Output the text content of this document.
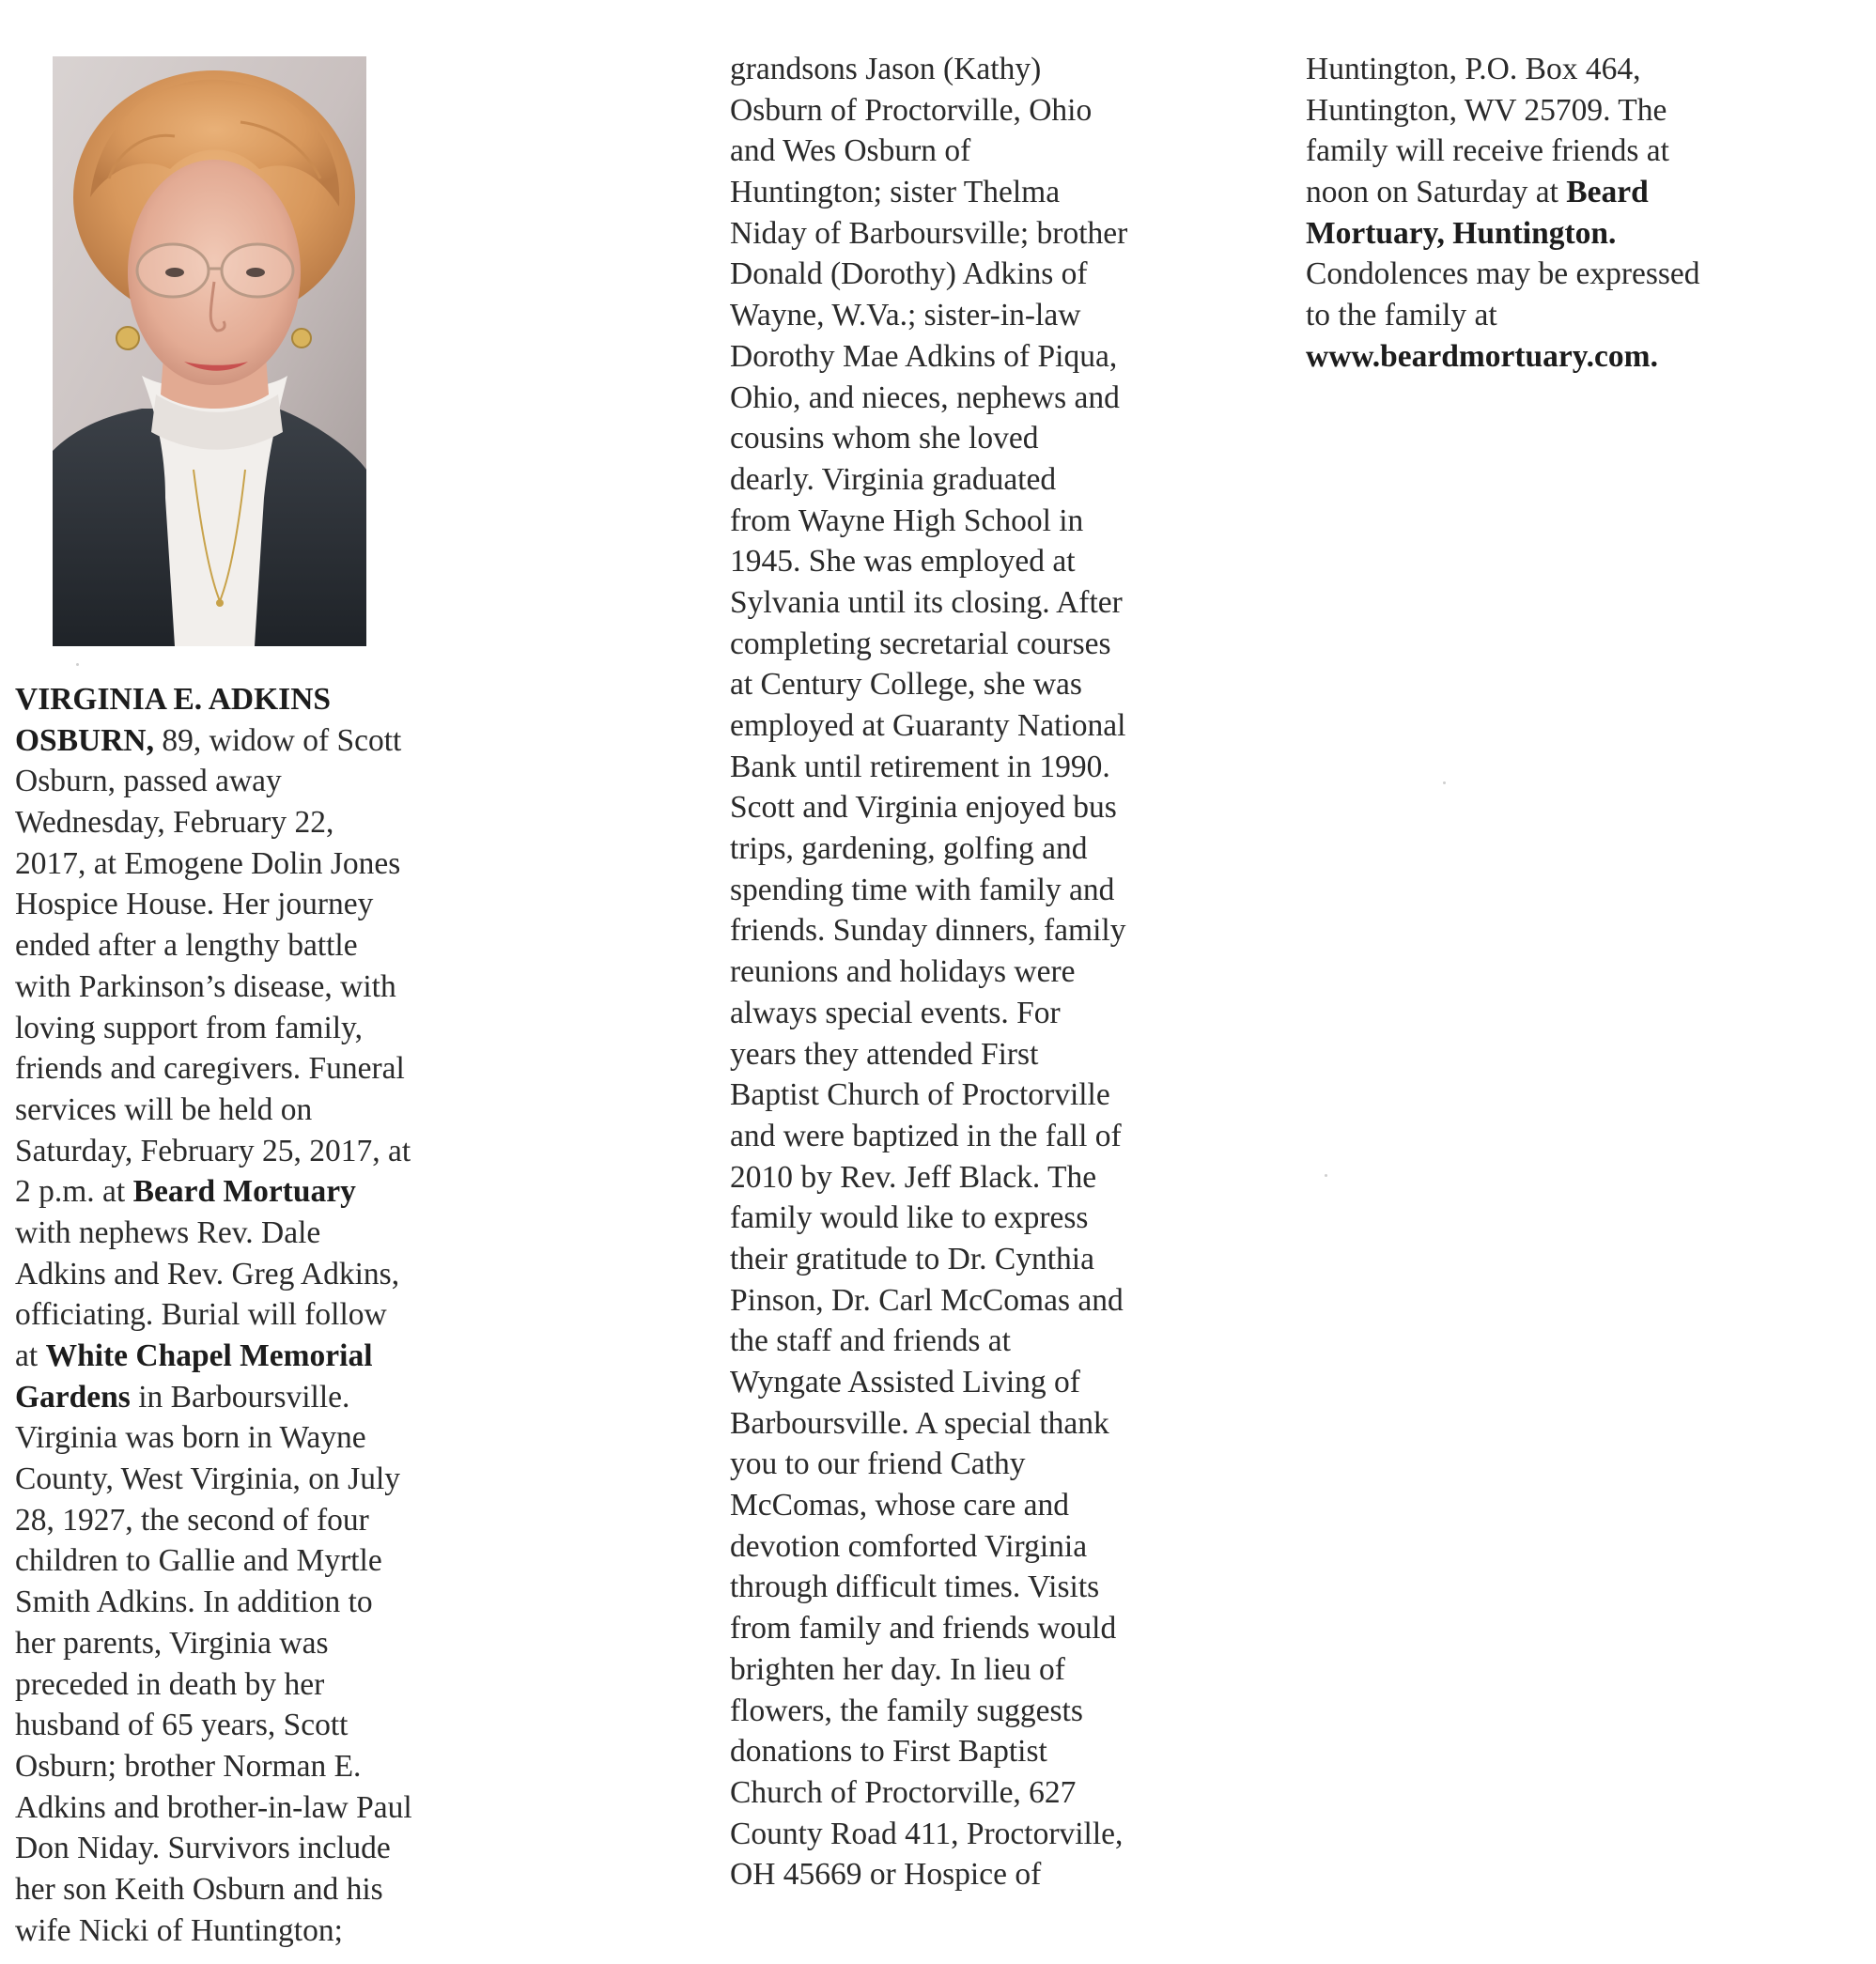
VIRGINIA E. ADKINS
OSBURN, 89, widow of Scott
Osburn, passed away
Wednesday, February 22,
2017, at Emogene Dolin Jones
Hospice House. Her journey
ended after a lengthy battle
with Parkinson’s disease, with
loving support from family,
friends and caregivers. Funeral
services will be held on
Saturday, February 25, 2017, at
2 p.m. at Beard Mortuary
with nephews Rev. Dale
Adkins and Rev. Greg Adkins,
officiating. Burial will follow
at White Chapel Memorial
Gardens in Barboursville.
Virginia was born in Wayne
County, West Virginia, on July
28, 1927, the second of four
children to Gallie and Myrtle
Smith Adkins. In addition to
her parents, Virginia was
preceded in death by her
husband of 65 years, Scott
Osburn; brother Norman E.
Adkins and brother-in-law Paul
Don Niday. Survivors include
her son Keith Osburn and his
wife Nicki of Huntington;
grandsons Jason (Kathy)
Osburn of Proctorville, Ohio
and Wes Osburn of
Huntington; sister Thelma
Niday of Barboursville; brother
Donald (Dorothy) Adkins of
Wayne, W.Va.; sister-in-law
Dorothy Mae Adkins of Piqua,
Ohio, and nieces, nephews and
cousins whom she loved
dearly. Virginia graduated
from Wayne High School in
1945. She was employed at
Sylvania until its closing. After
completing secretarial courses
at Century College, she was
employed at Guaranty National
Bank until retirement in 1990.
Scott and Virginia enjoyed bus
trips, gardening, golfing and
spending time with family and
friends. Sunday dinners, family
reunions and holidays were
always special events. For
years they attended First
Baptist Church of Proctorville
and were baptized in the fall of
2010 by Rev. Jeff Black. The
family would like to express
their gratitude to Dr. Cynthia
Pinson, Dr. Carl McComas and
the staff and friends at
Wyngate Assisted Living of
Barboursville. A special thank
you to our friend Cathy
McComas, whose care and
devotion comforted Virginia
through difficult times. Visits
from family and friends would
brighten her day. In lieu of
flowers, the family suggests
donations to First Baptist
Church of Proctorville, 627
County Road 411, Proctorville,
OH 45669 or Hospice of
Huntington, P.O. Box 464,
Huntington, WV 25709. The
family will receive friends at
noon on Saturday at Beard
Mortuary, Huntington.
Condolences may be expressed
to the family at
www.beardmortuary.com.
